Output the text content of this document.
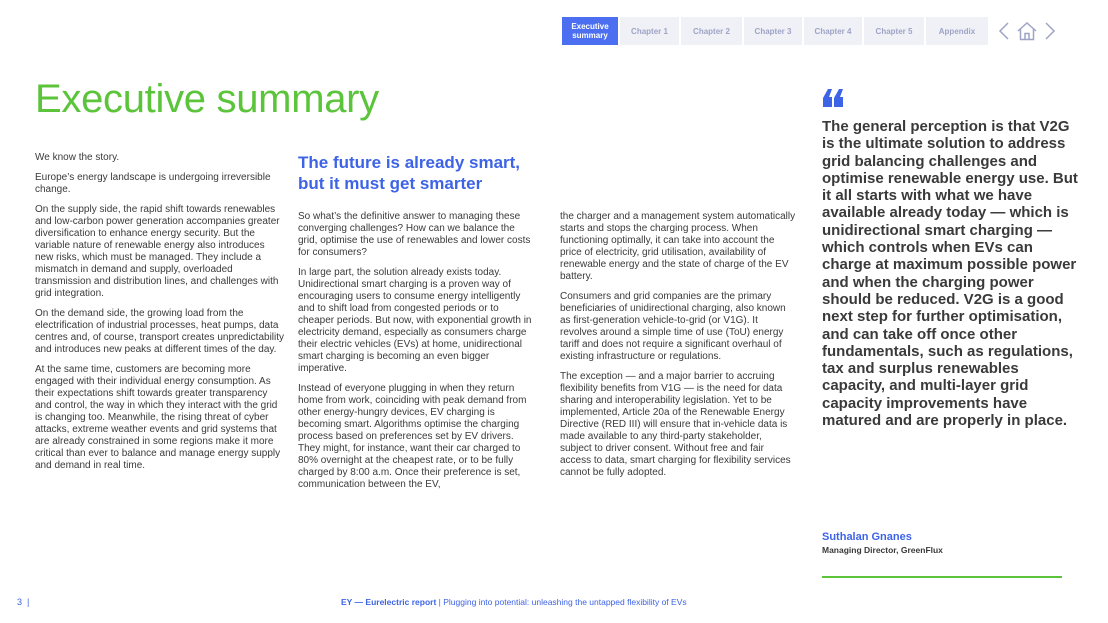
Executive summary	Chapter 1	Chapter 2	Chapter 3	Chapter 4	Chapter 5	Appendix
Executive summary

We know the story.

Europe’s energy landscape is undergoing irreversible change.

On the supply side, the rapid shift towards renewables and low-carbon power generation accompanies greater diversification to enhance energy security. But the variable nature of renewable energy also introduces new risks, which must be managed. They include a mismatch in demand and supply, overloaded transmission and distribution lines, and challenges with grid integration.

On the demand side, the growing load from the electrification of industrial processes, heat pumps, data centres and, of course, transport creates unpredictability and introduces new peaks at different times of the day.

At the same time, customers are becoming more engaged with their individual energy consumption. As their expectations shift towards greater transparency and control, the way in which they interact with the grid is changing too. Meanwhile, the rising threat of cyber attacks, extreme weather events and grid systems that are already constrained in some regions make it more critical than ever to balance and manage energy supply and demand in real time.

The future is already smart, but it must get smarter

So what’s the definitive answer to managing these converging challenges? How can we balance the grid, optimise the use of renewables and lower costs for consumers?

In large part, the solution already exists today. Unidirectional smart charging is a proven way of encouraging users to consume energy intelligently and to shift load from congested periods or to cheaper periods. But now, with exponential growth in electricity demand, especially as consumers charge their electric vehicles (EVs) at home, unidirectional smart charging is becoming an even bigger imperative.

Instead of everyone plugging in when they return home from work, coinciding with peak demand from other energy-hungry devices, EV charging is becoming smart. Algorithms optimise the charging process based on preferences set by EV drivers. They might, for instance, want their car charged to 80% overnight at the cheapest rate, or to be fully charged by 8:00 a.m. Once their preference is set, communication between the EV,

the charger and a management system automatically starts and stops the charging process. When functioning optimally, it can take into account the price of electricity, grid utilisation, availability of renewable energy and the state of charge of the EV battery.

Consumers and grid companies are the primary beneficiaries of unidirectional charging, also known as first-generation vehicle-to-grid (or V1G). It revolves around a simple time of use (ToU) energy tariff and does not require a significant overhaul of existing infrastructure or regulations.

The exception — and a major barrier to accruing flexibility benefits from V1G — is the need for data sharing and interoperability legislation. Yet to be implemented, Article 20a of the Renewable Energy Directive (RED III) will ensure that in-vehicle data is made available to any third-party stakeholder, subject to driver consent. Without free and fair access to data, smart charging for flexibility services cannot be fully adopted.

The general perception is that V2G is the ultimate solution to address grid balancing challenges and optimise renewable energy use. But it all starts with what we have available already today — which is unidirectional smart charging — which controls when EVs can charge at maximum possible power and when the charging power should be reduced. V2G is a good next step for further optimisation, and can take off once other fundamentals, such as regulations, tax and surplus renewables capacity, and multi-layer grid capacity improvements have matured and are properly in place.

Suthalan Gnanes
Managing Director, GreenFlux
3 |	EY — Eurelectric report | Plugging into potential: unleashing the untapped flexibility of EVs
